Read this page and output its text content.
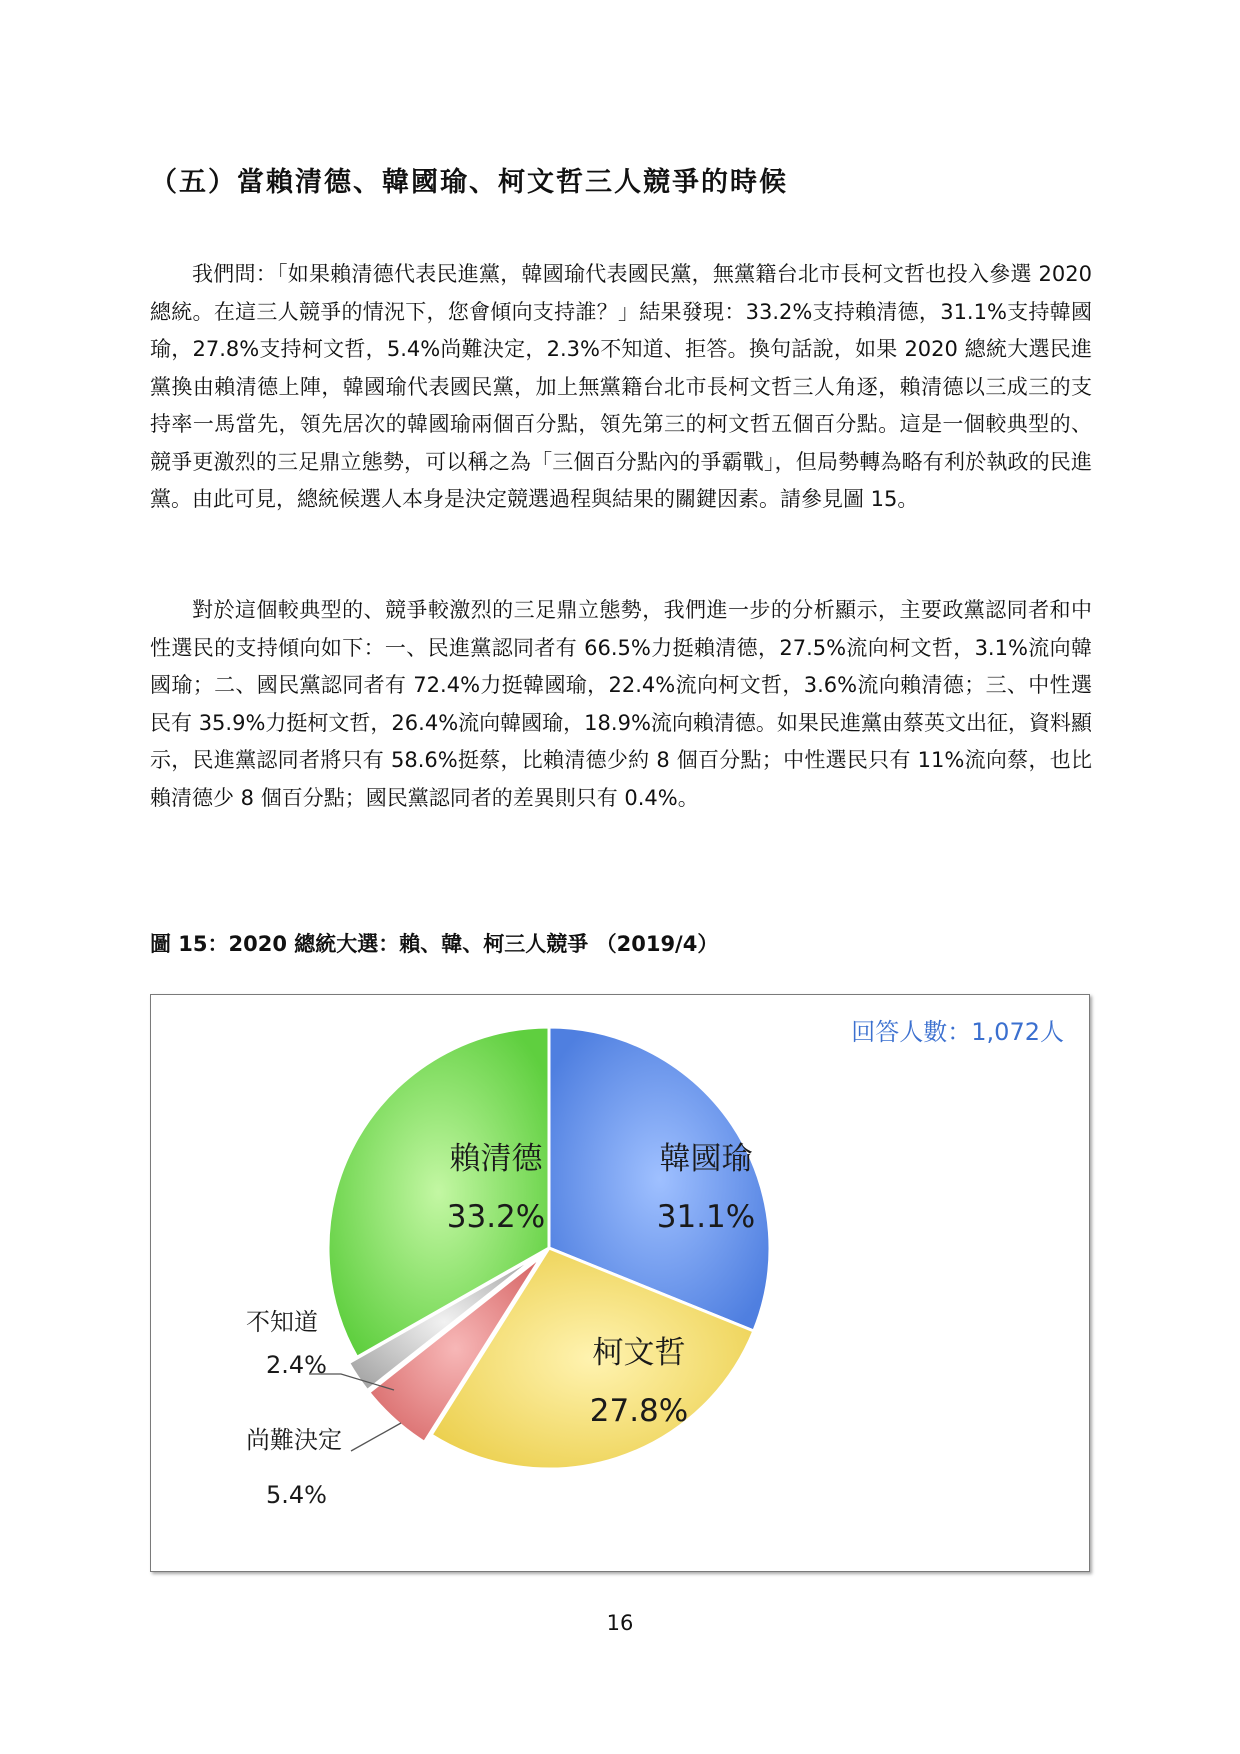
（五）當賴清德、韓國瑜、柯文哲三人競爭的時候

我們問：「如果賴清德代表民進黨，韓國瑜代表國民黨，無黨籍台北市長柯文哲也投入參選 2020 總統。在這三人競爭的情況下，您會傾向支持誰？」結果發現：33.2%支持賴清德，31.1%支持韓國瑜，27.8%支持柯文哲，5.4%尚難決定，2.3%不知道、拒答。換句話說，如果 2020 總統大選民進黨換由賴清德上陣，韓國瑜代表國民黨，加上無黨籍台北市長柯文哲三人角逐，賴清德以三成三的支持率一馬當先，領先居次的韓國瑜兩個百分點，領先第三的柯文哲五個百分點。這是一個較典型的、競爭更激烈的三足鼎立態勢，可以稱之為「三個百分點內的爭霸戰」，但局勢轉為略有利於執政的民進黨。由此可見，總統候選人本身是決定競選過程與結果的關鍵因素。請參見圖 15。

對於這個較典型的、競爭較激烈的三足鼎立態勢，我們進一步的分析顯示，主要政黨認同者和中性選民的支持傾向如下：一、民進黨認同者有 66.5%力挺賴清德，27.5%流向柯文哲，3.1%流向韓國瑜；二、國民黨認同者有 72.4%力挺韓國瑜，22.4%流向柯文哲，3.6%流向賴清德；三、中性選民有 35.9%力挺柯文哲，26.4%流向韓國瑜，18.9%流向賴清德。如果民進黨由蔡英文出征，資料顯示，民進黨認同者將只有 58.6%挺蔡，比賴清德少約 8 個百分點；中性選民只有 11%流向蔡，也比賴清德少 8 個百分點；國民黨認同者的差異則只有 0.4%。

圖 15：2020 總統大選：賴、韓、柯三人競爭 （2019/4）

回答人數：1,072人
韓國瑜
31.1%
柯文哲
27.8%
賴清德
33.2%
不知道
2.4%
尚難決定
5.4%

16
